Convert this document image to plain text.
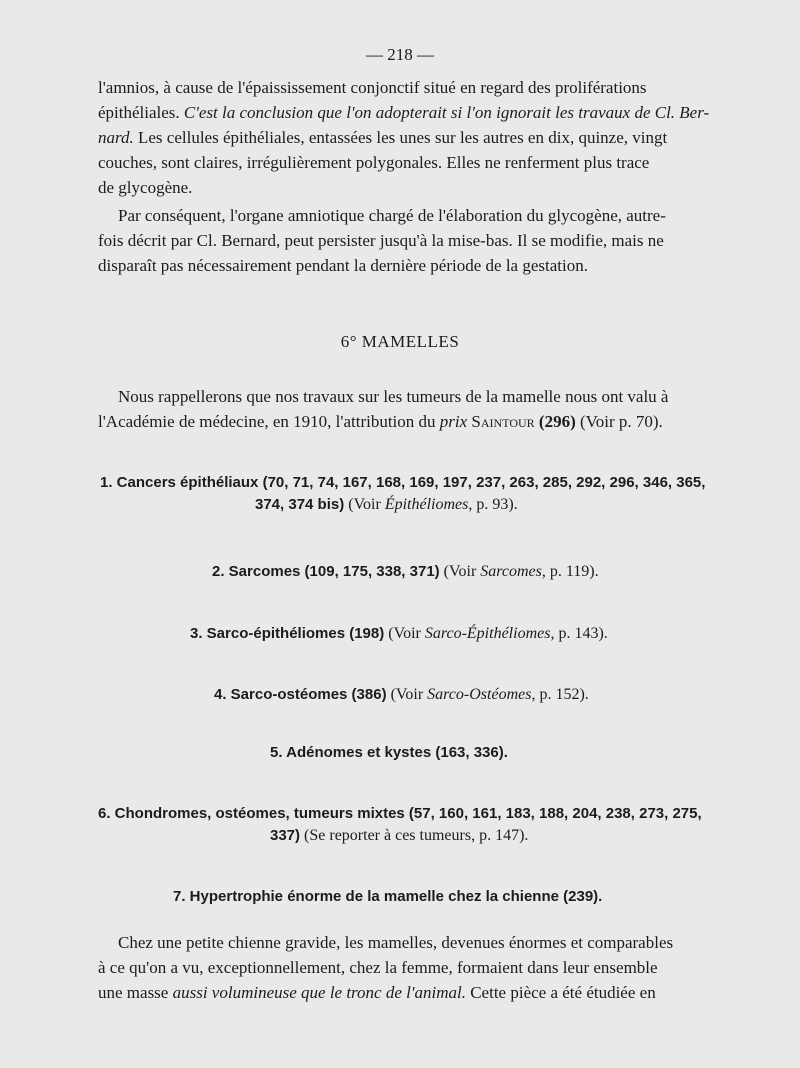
— 218 —
l'amnios, à cause de l'épaississement conjonctif situé en regard des proliférations
épithéliales. C'est la conclusion que l'on adopterait si l'on ignorait les travaux de Cl. Ber-
nard. Les cellules épithéliales, entassées les unes sur les autres en dix, quinze, vingt
couches, sont claires, irrégulièrement polygonales. Elles ne renferment plus trace
de glycogène.
Par conséquent, l'organe amniotique chargé de l'élaboration du glycogène, autre-
fois décrit par Cl. Bernard, peut persister jusqu'à la mise-bas. Il se modifie, mais ne
disparaît pas nécessairement pendant la dernière période de la gestation.
6° MAMELLES
Nous rappellerons que nos travaux sur les tumeurs de la mamelle nous ont valu à
l'Académie de médecine, en 1910, l'attribution du prix Saintour (296) (Voir p. 70).
1. Cancers épithéliaux (70, 71, 74, 167, 168, 169, 197, 237, 263, 285, 292, 296, 346, 365,
374, 374 bis) (Voir Épithéliomes, p. 93).
2. Sarcomes (109, 175, 338, 371) (Voir Sarcomes, p. 119).
3. Sarco-épithéliomes (198) (Voir Sarco-Épithéliomes, p. 143).
4. Sarco-ostéomes (386) (Voir Sarco-Ostéomes, p. 152).
5. Adénomes et kystes (163, 336).
6. Chondromes, ostéomes, tumeurs mixtes (57, 160, 161, 183, 188, 204, 238, 273, 275,
337) (Se reporter à ces tumeurs, p. 147).
7. Hypertrophie énorme de la mamelle chez la chienne (239).
Chez une petite chienne gravide, les mamelles, devenues énormes et comparables
à ce qu'on a vu, exceptionnellement, chez la femme, formaient dans leur ensemble
une masse aussi volumineuse que le tronc de l'animal. Cette pièce a été étudiée en
